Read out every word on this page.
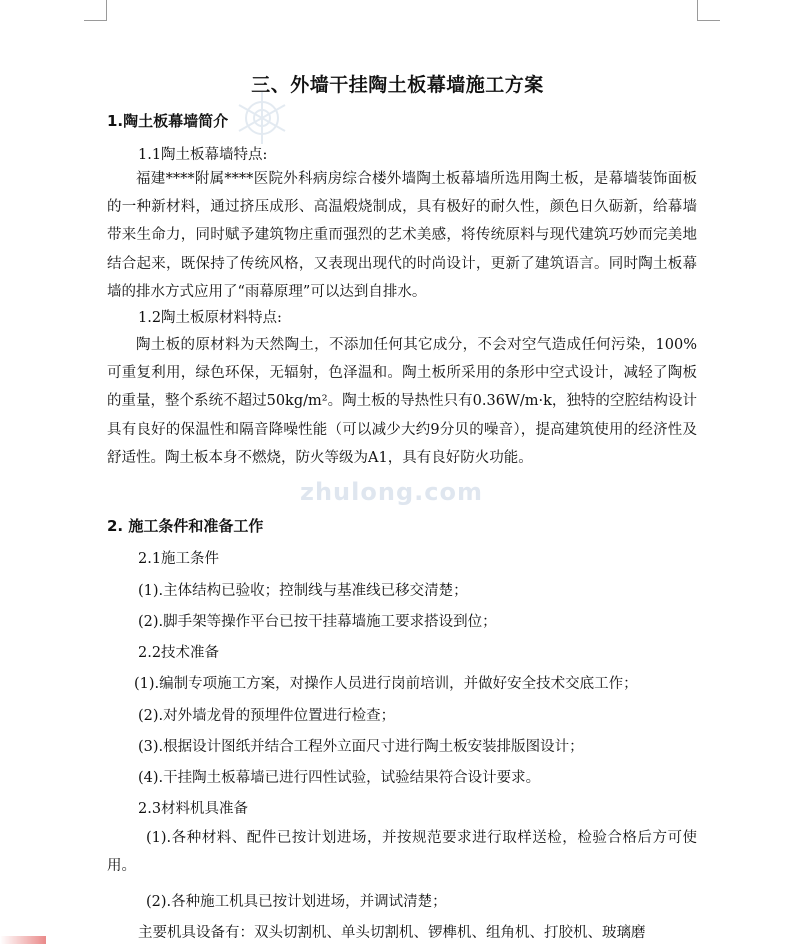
zhulong.com
三、外墙干挂陶土板幕墙施工方案
1.陶土板幕墙简介
1.1陶土板幕墙特点:

福建****附属****医院外科病房综合楼外墙陶土板幕墙所选用陶土板，是幕墙装饰面板的一种新材料，通过挤压成形、高温煅烧制成，具有极好的耐久性，颜色日久砺新，给幕墙带来生命力，同时赋予建筑物庄重而强烈的艺术美感，将传统原料与现代建筑巧妙而完美地结合起来，既保持了传统风格，又表现出现代的时尚设计，更新了建筑语言。同时陶土板幕墙的排水方式应用了“雨幕原理”可以达到自排水。

1.2陶土板原材料特点:

陶土板的原材料为天然陶土，不添加任何其它成分，不会对空气造成任何污染，100%可重复利用，绿色环保，无辐射，色泽温和。陶土板所采用的条形中空式设计，减轻了陶板的重量，整个系统不超过50kg/m²。陶土板的导热性只有0.36W/m·k，独特的空腔结构设计具有良好的保温性和隔音降噪性能（可以减少大约9分贝的噪音），提高建筑使用的经济性及舒适性。陶土板本身不燃烧，防火等级为A1，具有良好防火功能。

2. 施工条件和准备工作
2.1施工条件
(1).主体结构已验收；控制线与基准线已移交清楚；
(2).脚手架等操作平台已按干挂幕墙施工要求搭设到位；
2.2技术准备
(1).编制专项施工方案，对操作人员进行岗前培训，并做好安全技术交底工作；
(2).对外墙龙骨的预埋件位置进行检查；
(3).根据设计图纸并结合工程外立面尺寸进行陶土板安装排版图设计；
(4).干挂陶土板幕墙已进行四性试验，试验结果符合设计要求。
2.3材料机具准备

(1).各种材料、配件已按计划进场，并按规范要求进行取样送检，检验合格后方可使用。

(2).各种施工机具已按计划进场，并调试清楚；
主要机具设备有：双头切割机、单头切割机、锣榫机、组角机、打胶机、玻璃磨
